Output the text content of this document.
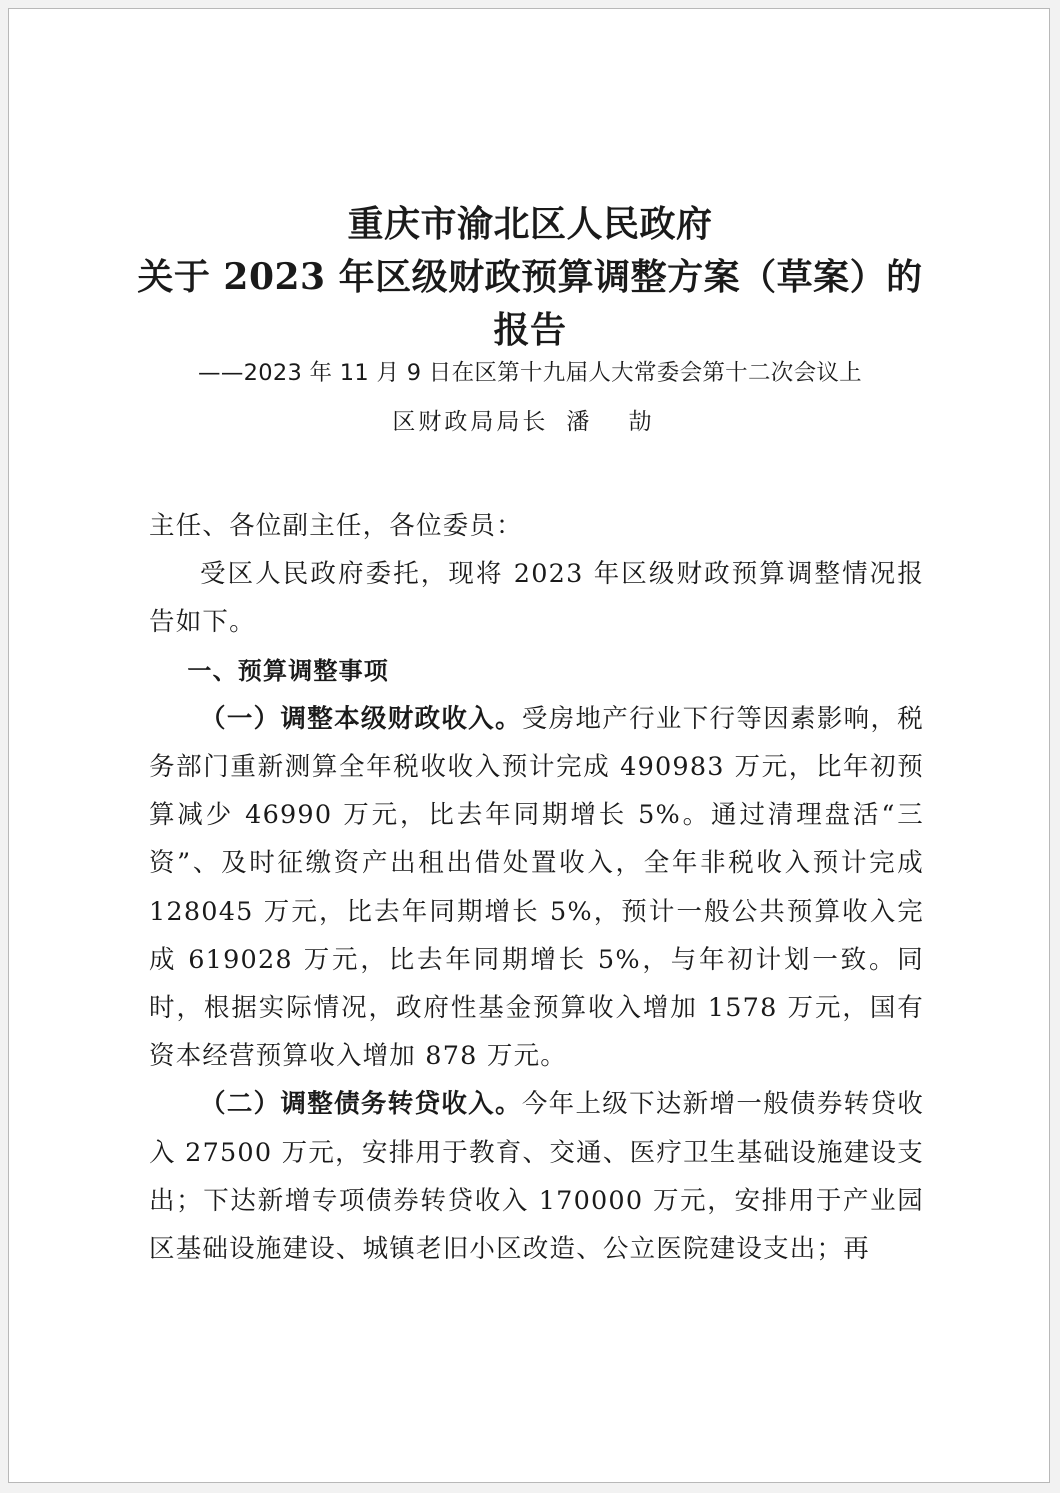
重庆市渝北区人民政府
关于 2023 年区级财政预算调整方案（草案）的
报告
——2023 年 11 月 9 日在区第十九届人大常委会第十二次会议上
区财政局局长 潘 劼

主任、各位副主任，各位委员：

受区人民政府委托，现将 2023 年区级财政预算调整情况报告如下。

一、预算调整事项

（一）调整本级财政收入。受房地产行业下行等因素影响，税务部门重新测算全年税收收入预计完成 490983 万元，比年初预算减少 46990 万元，比去年同期增长 5%。通过清理盘活“三资”、及时征缴资产出租出借处置收入，全年非税收入预计完成 128045 万元，比去年同期增长 5%，预计一般公共预算收入完成 619028 万元，比去年同期增长 5%，与年初计划一致。同时，根据实际情况，政府性基金预算收入增加 1578 万元，国有资本经营预算收入增加 878 万元。

（二）调整债务转贷收入。今年上级下达新增一般债券转贷收入 27500 万元，安排用于教育、交通、医疗卫生基础设施建设支出；下达新增专项债券转贷收入 170000 万元，安排用于产业园区基础设施建设、城镇老旧小区改造、公立医院建设支出；再
